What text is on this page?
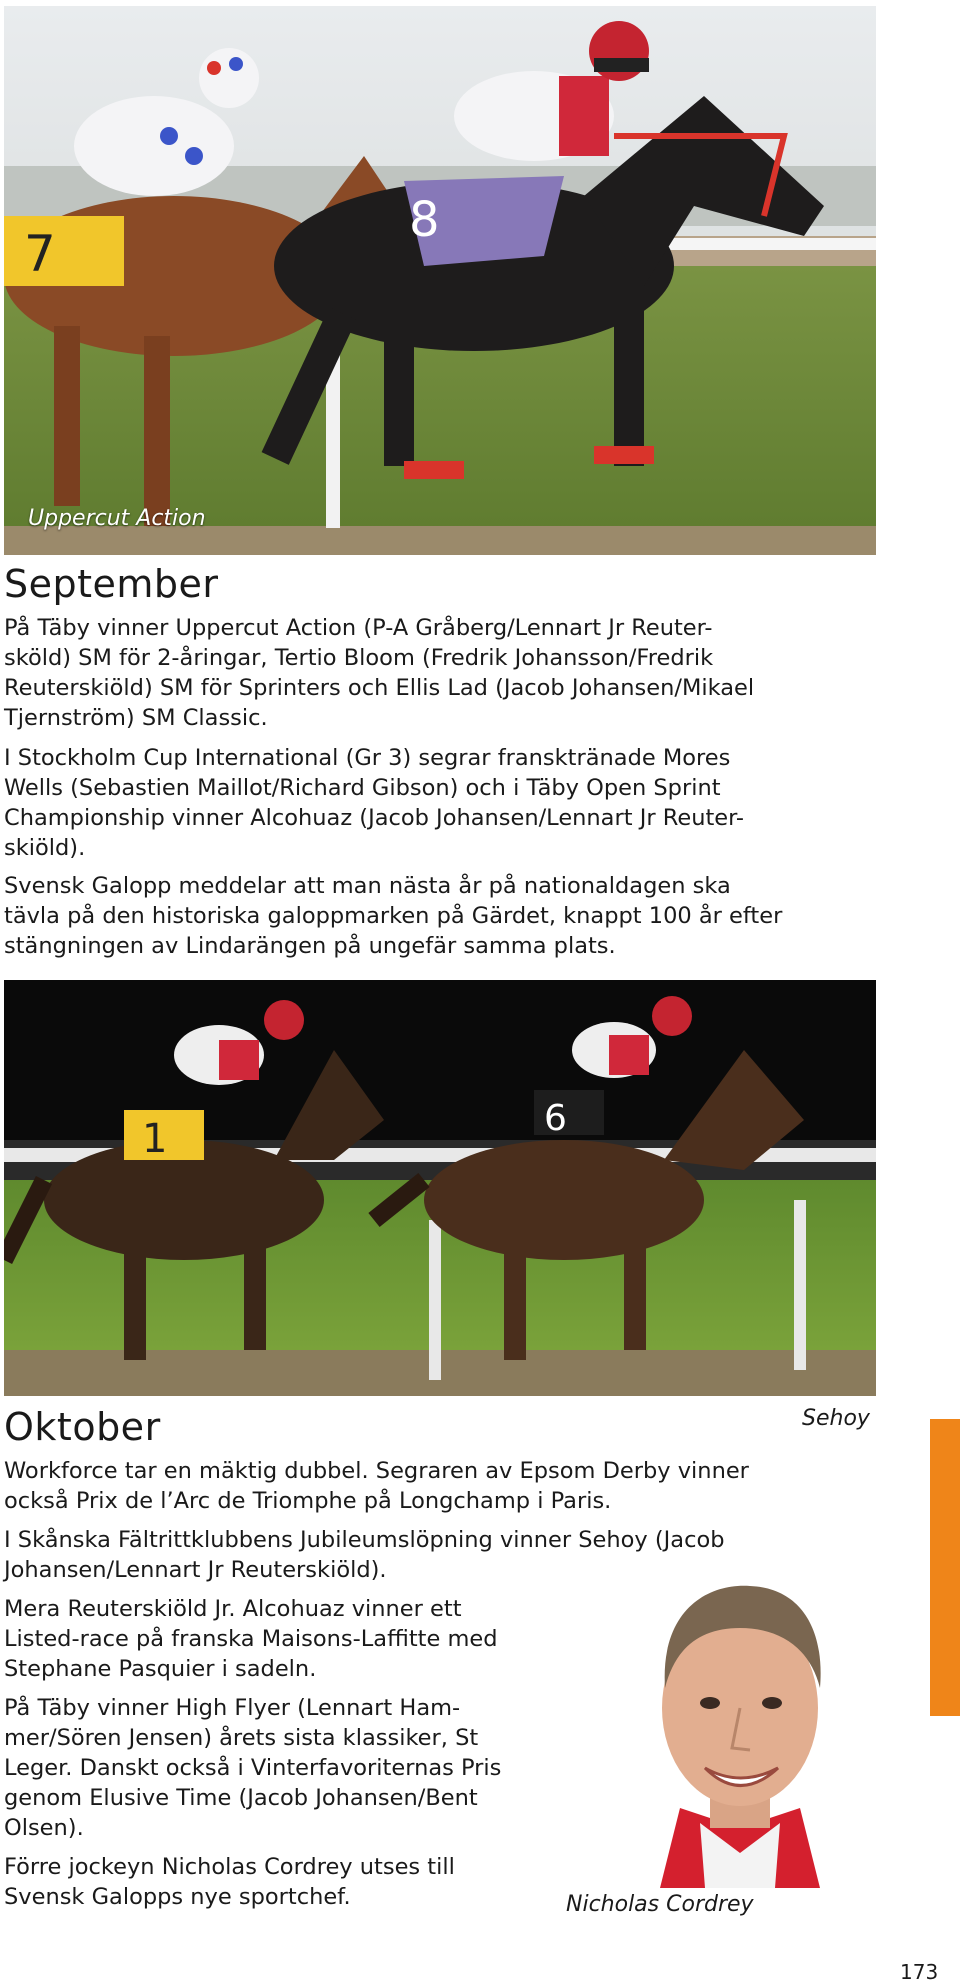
7
8
Uppercut Action
September

På Täby vinner Uppercut Action (P-A Gråberg/Lennart Jr Reuter-
sköld) SM för 2-åringar, Tertio Bloom (Fredrik Johansson/Fredrik
Reuterskiöld) SM för Sprinters och Ellis Lad (Jacob Johansen/Mikael
Tjernström) SM Classic.

I Stockholm Cup International (Gr 3) segrar fransktränade Mores
Wells (Sebastien Maillot/Richard Gibson) och i Täby Open Sprint
Championship vinner Alcohuaz (Jacob Johansen/Lennart Jr Reuter-
skiöld).

Svensk Galopp meddelar att man nästa år på nationaldagen ska
tävla på den historiska galoppmarken på Gärdet, knappt 100 år efter
stängningen av Lindarängen på ungefär samma plats.

1	6
Sehoy
Oktober

Workforce tar en mäktig dubbel. Segraren av Epsom Derby vinner
också Prix de l’Arc de Triomphe på Longchamp i Paris.

I Skånska Fältrittklubbens Jubileumslöpning vinner Sehoy (Jacob
Johansen/Lennart Jr Reuterskiöld).

Mera Reuterskiöld Jr. Alcohuaz vinner ett
Listed-race på franska Maisons-Laffitte med
Stephane Pasquier i sadeln.

På Täby vinner High Flyer (Lennart Ham-
mer/Sören Jensen) årets sista klassiker, St
Leger. Danskt också i Vinterfavoriternas Pris
genom Elusive Time (Jacob Johansen/Bent
Olsen).

Förre jockeyn Nicholas Cordrey utses till
Svensk Galopps nye sportchef.	Nicholas Cordrey
173
